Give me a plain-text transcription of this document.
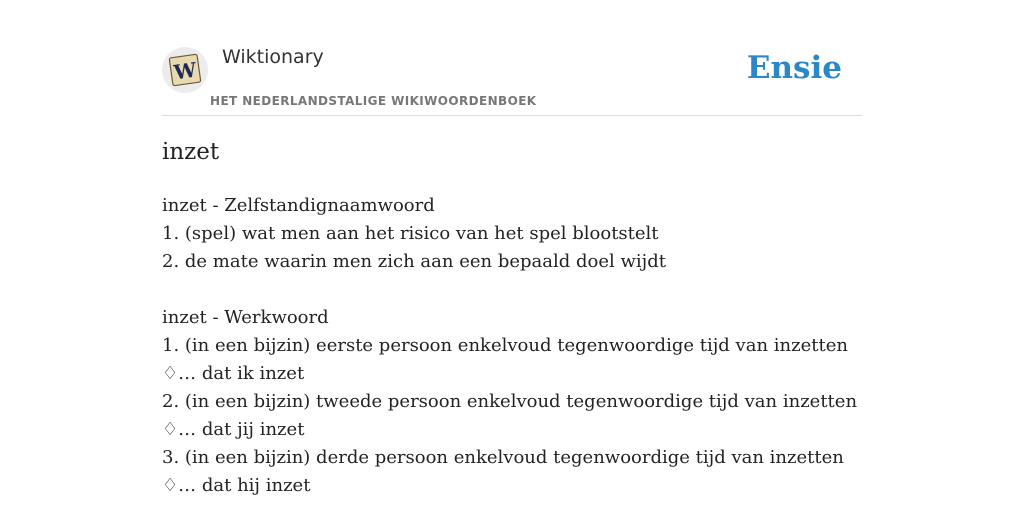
W
Wiktionary
HET NEDERLANDSTALIGE WIKIWOORDENBOEK
Ensie
inzet
inzet - Zelfstandignaamwoord
1. (spel) wat men aan het risico van het spel blootstelt
2. de mate waarin men zich aan een bepaald doel wijdt
inzet - Werkwoord
1. (in een bijzin) eerste persoon enkelvoud tegenwoordige tijd van inzetten
♢… dat ik inzet
2. (in een bijzin) tweede persoon enkelvoud tegenwoordige tijd van inzetten
♢… dat jij inzet
3. (in een bijzin) derde persoon enkelvoud tegenwoordige tijd van inzetten
♢… dat hij inzet
